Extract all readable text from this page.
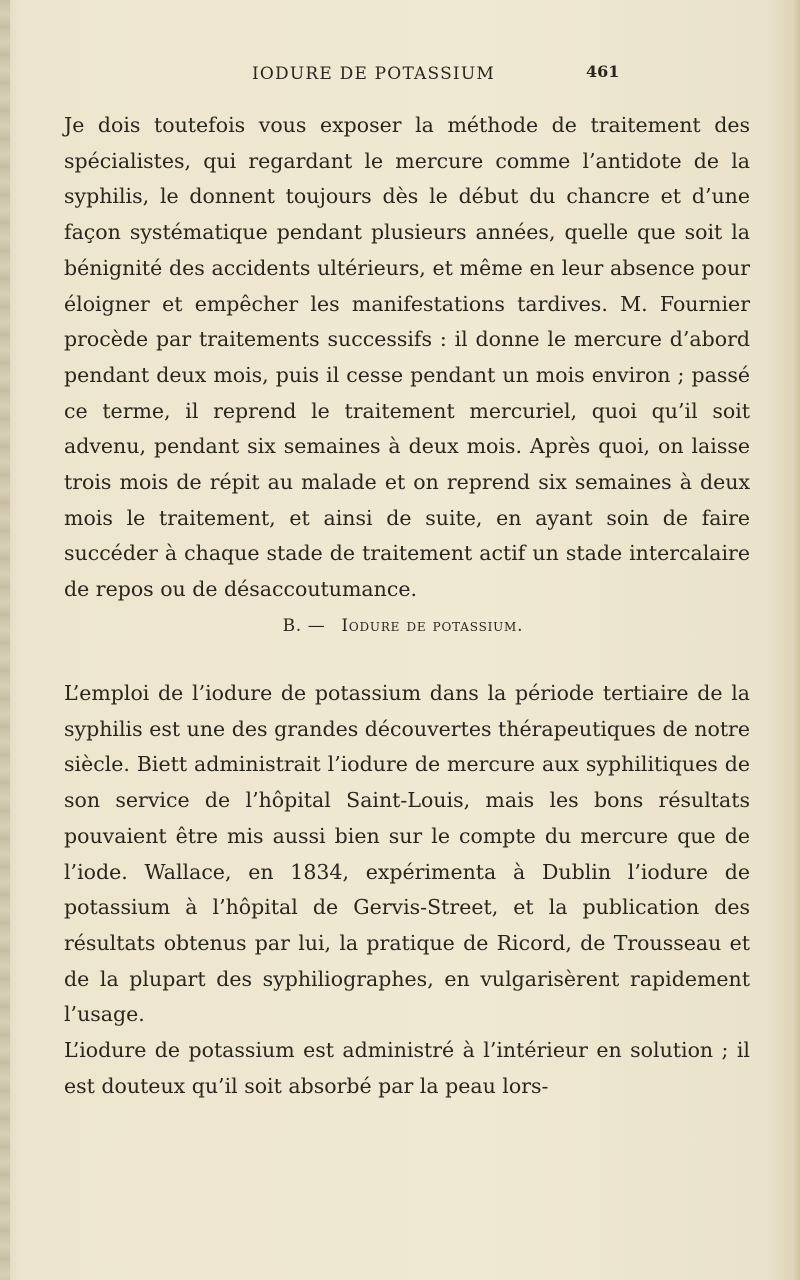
IODURE DE POTASSIUM	461

Je dois toutefois vous exposer la méthode de traitement des spécialistes, qui regardant le mercure comme l’antidote de la syphilis, le donnent toujours dès le début du chancre et d’une façon systématique pendant plusieurs années, quelle que soit la bénignité des accidents ultérieurs, et même en leur absence pour éloigner et empêcher les manifestations tardives. M. Fournier procède par traitements successifs : il donne le mercure d’abord pendant deux mois, puis il cesse pendant un mois environ ; passé ce terme, il reprend le traitement mercuriel, quoi qu’il soit advenu, pendant six semaines à deux mois. Après quoi, on laisse trois mois de répit au malade et on reprend six semaines à deux mois le traitement, et ainsi de suite, en ayant soin de faire succéder à chaque stade de traitement actif un stade intercalaire de repos ou de désaccoutumance.

B. — Iodure de potassium.

L’emploi de l’iodure de potassium dans la période tertiaire de la syphilis est une des grandes découvertes thérapeutiques de notre siècle. Biett administrait l’iodure de mercure aux syphilitiques de son service de l’hôpital Saint-Louis, mais les bons résultats pouvaient être mis aussi bien sur le compte du mercure que de l’iode. Wallace, en 1834, expérimenta à Dublin l’iodure de potassium à l’hôpital de Gervis-Street, et la publication des résultats obtenus par lui, la pratique de Ricord, de Trousseau et de la plupart des syphiliographes, en vulgarisèrent rapidement l’usage.

L’iodure de potassium est administré à l’intérieur en solution ; il est douteux qu’il soit absorbé par la peau lors-
